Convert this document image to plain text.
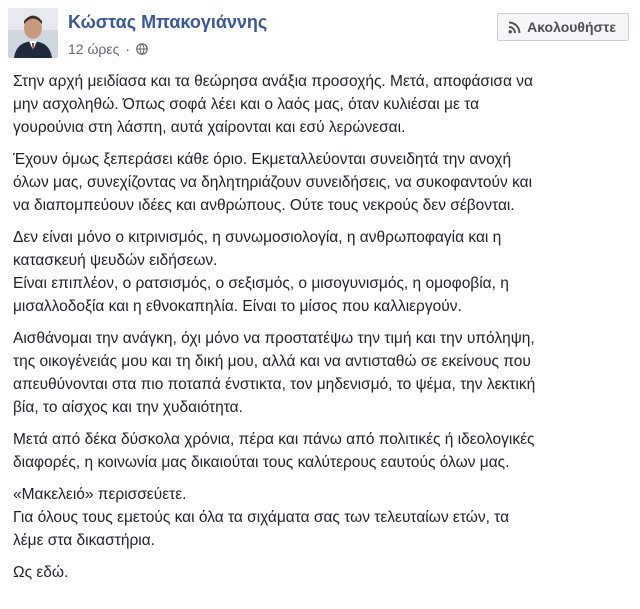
Κώστας Μπακογιάννης
12 ώρες ·
Ακολουθήστε

Στην αρχή μειδίασα και τα θεώρησα ανάξια προσοχής. Μετά, αποφάσισα να
μην ασχοληθώ. Όπως σοφά λέει και ο λαός μας, όταν κυλιέσαι με τα
γουρούνια στη λάσπη, αυτά χαίρονται και εσύ λερώνεσαι.

Έχουν όμως ξεπεράσει κάθε όριο. Εκμεταλλεύονται συνειδητά την ανοχή
όλων μας, συνεχίζοντας να δηλητηριάζουν συνειδήσεις, να συκοφαντούν και
να διαπομπεύουν ιδέες και ανθρώπους. Ούτε τους νεκρούς δεν σέβονται.

Δεν είναι μόνο ο κιτρινισμός, η συνωμοσιολογία, η ανθρωποφαγία και η
κατασκευή ψευδών ειδήσεων.
Είναι επιπλέον, ο ρατσισμός, ο σεξισμός, ο μισογυνισμός, η ομοφοβία, η
μισαλλοδοξία και η εθνοκαπηλία. Είναι το μίσος που καλλιεργούν.

Αισθάνομαι την ανάγκη, όχι μόνο να προστατέψω την τιμή και την υπόληψη,
της οικογένειάς μου και τη δική μου, αλλά και να αντισταθώ σε εκείνους που
απευθύνονται στα πιο ποταπά ένστικτα, τον μηδενισμό, το ψέμα, την λεκτική
βία, το αίσχος και την χυδαιότητα.

Μετά από δέκα δύσκολα χρόνια, πέρα και πάνω από πολιτικές ή ιδεολογικές
διαφορές, η κοινωνία μας δικαιούται τους καλύτερους εαυτούς όλων μας.

«Μακελειό» περισσεύετε.
Για όλους τους εμετούς και όλα τα σιχάματα σας των τελευταίων ετών, τα
λέμε στα δικαστήρια.

Ως εδώ.
